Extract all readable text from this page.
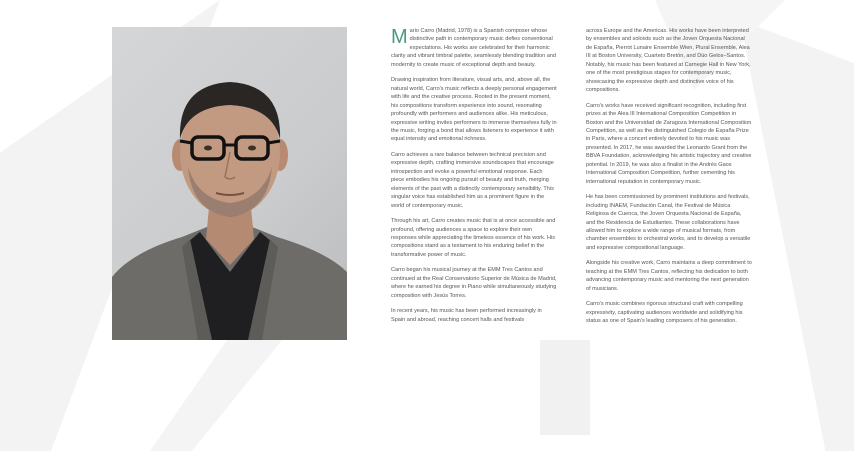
Mario Carro (Madrid, 1978) is a Spanish composer whose distinctive path in contemporary music defies conventional expectations. His works are celebrated for their harmonic clarity and vibrant timbral palette, seamlessly blending tradition and modernity to create music of exceptional depth and beauty.

Drawing inspiration from literature, visual arts, and, above all, the natural world, Carro's music reflects a deeply personal engagement with life and the creative process. Rooted in the present moment, his compositions transform experience into sound, resonating profoundly with performers and audiences alike. His meticulous, expressive writing invites performers to immerse themselves fully in the music, forging a bond that allows listeners to experience it with equal intensity and emotional richness.

Carro achieves a rare balance between technical precision and expressive depth, crafting immersive soundscapes that encourage introspection and evoke a powerful emotional response. Each piece embodies his ongoing pursuit of beauty and truth, merging elements of the past with a distinctly contemporary sensibility. This singular voice has established him as a prominent figure in the world of contemporary music.

Through his art, Carro creates music that is at once accessible and profound, offering audiences a space to explore their own responses while appreciating the timeless essence of his work. His compositions stand as a testament to his enduring belief in the transformative power of music.

Carro began his musical journey at the EMM Tres Cantos and continued at the Real Conservatorio Superior de Música de Madrid, where he earned his degree in Piano while simultaneously studying composition with Jesús Torres.

In recent years, his music has been performed increasingly in Spain and abroad, reaching concert halls and festivals

across Europe and the Americas. His works have been interpreted by ensembles and soloists such as the Joven Orquesta Nacional de España, Pierrot Lunaire Ensemble Wien, Plural Ensemble, Alea III at Boston University, Cuarteto Bretón, and Dúo Gelos–Santos. Notably, his music has been featured at Carnegie Hall in New York, one of the most prestigious stages for contemporary music, showcasing the expressive depth and distinctive voice of his compositions.

Carro's works have received significant recognition, including first prizes at the Alea III International Composition Competition in Boston and the Universidad de Zaragoza International Composition Competition, as well as the distinguished Colegio de España Prize in Paris, where a concert entirely devoted to his music was presented. In 2017, he was awarded the Leonardo Grant from the BBVA Foundation, acknowledging his artistic trajectory and creative potential. In 2019, he was also a finalist in the Andrés Gaos International Composition Competition, further cementing his international reputation in contemporary music.

He has been commissioned by prominent institutions and festivals, including INAEM, Fundación Canal, the Festival de Música Religiosa de Cuenca, the Joven Orquesta Nacional de España, and the Residencia de Estudiantes. These collaborations have allowed him to explore a wide range of musical formats, from chamber ensembles to orchestral works, and to develop a versatile and expressive compositional language.

Alongside his creative work, Carro maintains a deep commitment to teaching at the EMM Tres Cantos, reflecting his dedication to both advancing contemporary music and mentoring the next generation of musicians.

Carro's music combines rigorous structural craft with compelling expressivity, captivating audiences worldwide and solidifying his status as one of Spain's leading composers of his generation.
